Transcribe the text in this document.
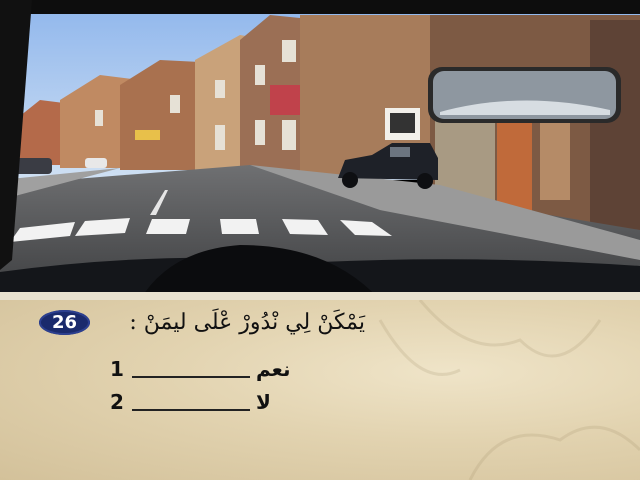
26	يَمْكَنْ لِي نْدُورْ عْلَى ليمَنْ :
1	نعم
2	لا
